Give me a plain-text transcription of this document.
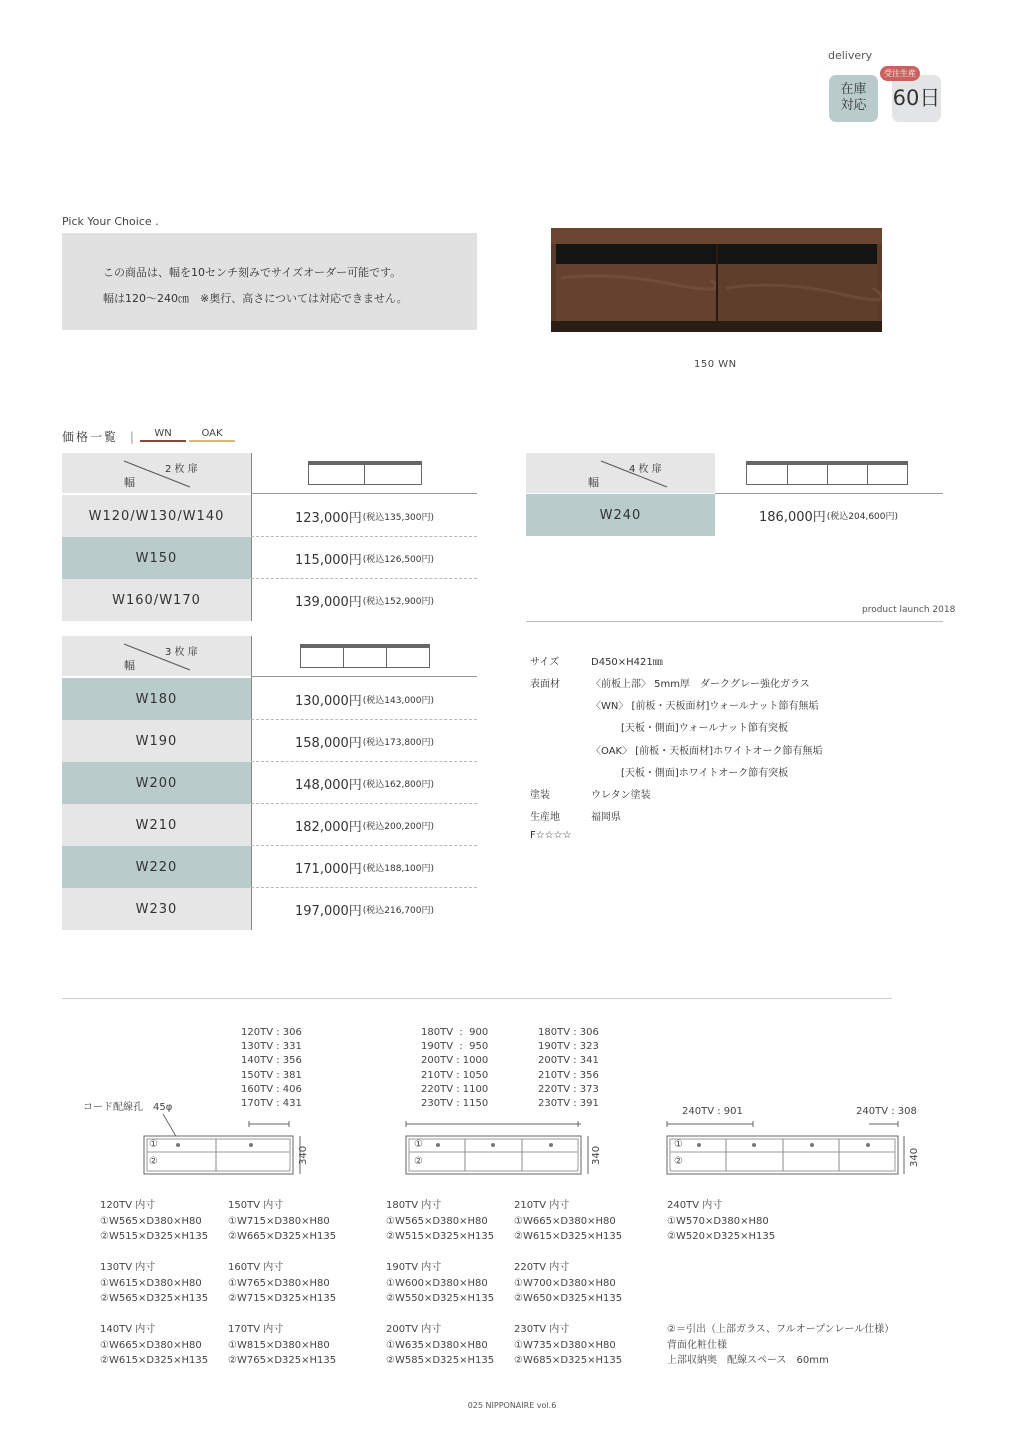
delivery
在庫
対応	60日
受注生産
Pick Your Choice .
この商品は、幅を10センチ刻みでサイズオーダー可能です。
幅は120〜240㎝　※奥行、高さについては対応できません。
150 WN
価格一覧 |	WN	OAK
2 枚 扉
幅
W120/W130/W140	123,000円 (税込135,300円)
W150	115,000円 (税込126,500円)
W160/W170	139,000円 (税込152,900円)
3 枚 扉
幅
W180	130,000円 (税込143,000円)
W190	158,000円 (税込173,800円)
W200	148,000円 (税込162,800円)
W210	182,000円 (税込200,200円)
W220	171,000円 (税込188,100円)
W230	197,000円 (税込216,700円)
4 枚 扉
幅
W240	186,000円 (税込204,600円)
product launch 2018
サイズ	D450×H421㎜
表面材	〈前板上部〉 5mm厚　ダークグレー強化ガラス
〈WN〉 [前板・天板面材]ウォールナット節有無垢
　　　[天板・側面]ウォールナット節有突板
〈OAK〉 [前板・天板面材]ホワイトオーク節有無垢
　　　[天板・側面]ホワイトオーク節有突板
塗装	ウレタン塗装
生産地	福岡県
F☆☆☆☆
120TV : 306
130TV : 331
140TV : 356
150TV : 381
160TV : 406
170TV : 431
コード配線孔　45φ
①
②	340
180TV  :  900
190TV  :  950
200TV : 1000
210TV : 1050
220TV : 1100
230TV : 1150
180TV : 306
190TV : 323
200TV : 341
210TV : 356
220TV : 373
230TV : 391
①
②	340
240TV : 901	240TV : 308
①
②	340
120TV 内寸
①W565×D380×H80
②W515×D325×H135
150TV 内寸
①W715×D380×H80
②W665×D325×H135
130TV 内寸
①W615×D380×H80
②W565×D325×H135
160TV 内寸
①W765×D380×H80
②W715×D325×H135
140TV 内寸
①W665×D380×H80
②W615×D325×H135
170TV 内寸
①W815×D380×H80
②W765×D325×H135
180TV 内寸
①W565×D380×H80
②W515×D325×H135
210TV 内寸
①W665×D380×H80
②W615×D325×H135
190TV 内寸
①W600×D380×H80
②W550×D325×H135
220TV 内寸
①W700×D380×H80
②W650×D325×H135
200TV 内寸
①W635×D380×H80
②W585×D325×H135
230TV 内寸
①W735×D380×H80
②W685×D325×H135
240TV 内寸
①W570×D380×H80
②W520×D325×H135
②＝引出（上部ガラス、フルオープンレール仕様）
背面化粧仕様
上部収納奥　配線スペース　60mm
025 NIPPONAIRE vol.6
